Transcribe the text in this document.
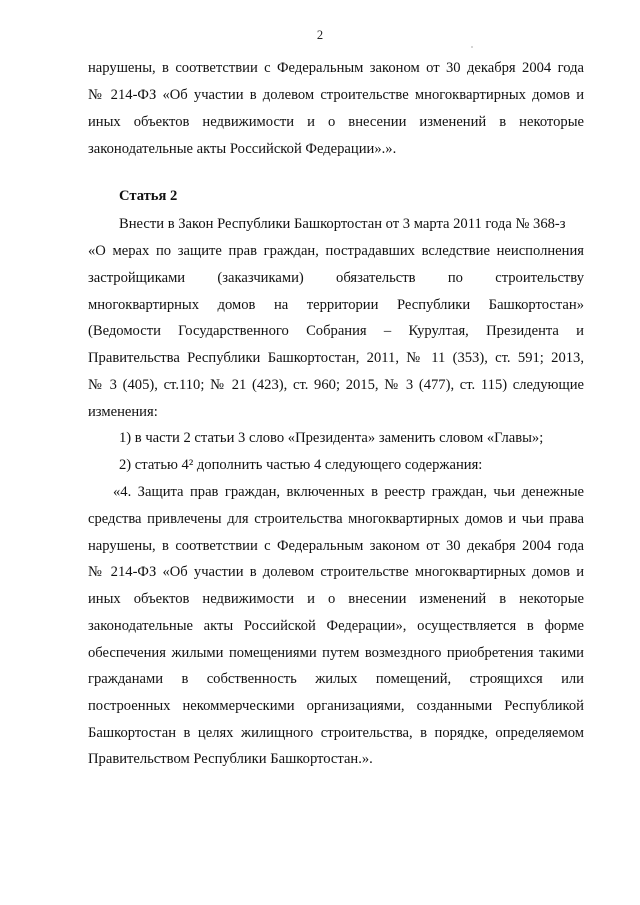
2
нарушены, в соответствии с Федеральным законом от 30 декабря 2004 года
№ 214-ФЗ «Об участии в долевом строительстве многоквартирных домов и
иных объектов недвижимости и о внесении изменений в некоторые
законодательные акты Российской Федерации».».
Статья 2
Внести в Закон Республики Башкортостан от 3 марта 2011 года № 368-з
«О мерах по защите прав граждан, пострадавших вследствие неисполнения
застройщиками (заказчиками) обязательств по строительству
многоквартирных домов на территории Республики Башкортостан»
(Ведомости Государственного Собрания – Курултая, Президента и
Правительства Республики Башкортостан, 2011, № 11 (353), ст. 591; 2013,
№ 3 (405), ст.110; № 21 (423), ст. 960; 2015, № 3 (477), ст. 115) следующие
изменения:
1) в части 2 статьи 3 слово «Президента» заменить словом «Главы»;
2) статью 4² дополнить частью 4 следующего содержания:
«4. Защита прав граждан, включенных в реестр граждан, чьи денежные
средства привлечены для строительства многоквартирных домов и чьи права
нарушены, в соответствии с Федеральным законом от 30 декабря 2004 года
№ 214-ФЗ «Об участии в долевом строительстве многоквартирных домов и
иных объектов недвижимости и о внесении изменений в некоторые
законодательные акты Российской Федерации», осуществляется в форме
обеспечения жилыми помещениями путем возмездного приобретения такими
гражданами в собственность жилых помещений, строящихся или
построенных некоммерческими организациями, созданными Республикой
Башкортостан в целях жилищного строительства, в порядке, определяемом
Правительством Республики Башкортостан.».
